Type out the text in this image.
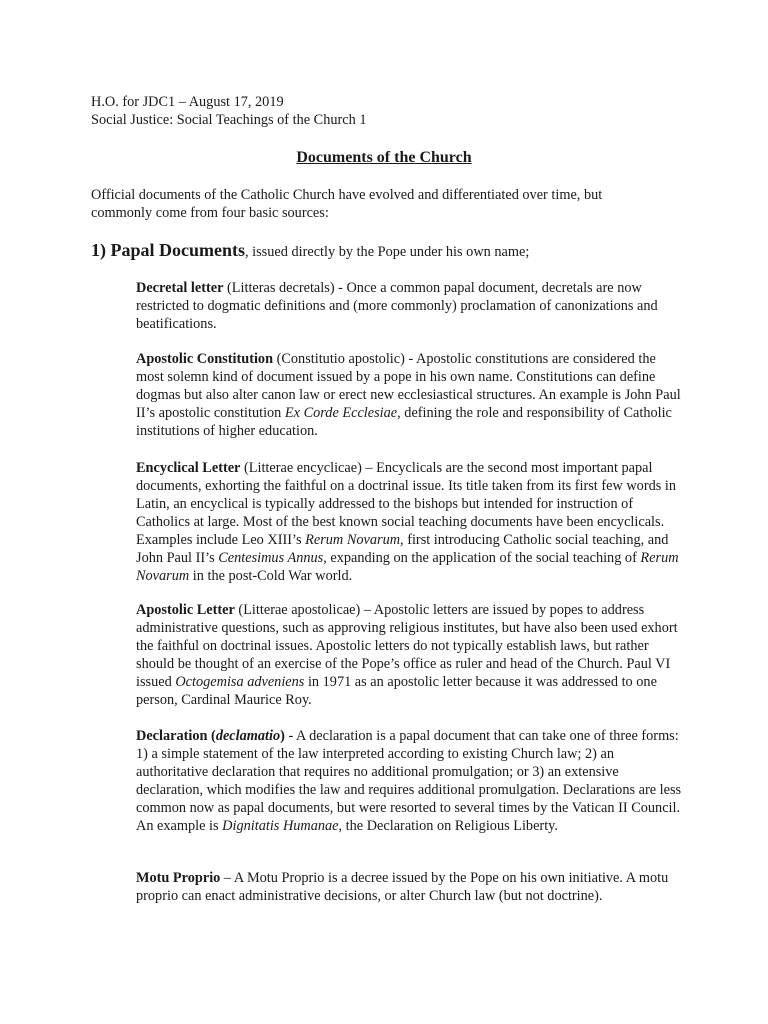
H.O. for JDC1 – August 17, 2019
Social Justice: Social Teachings of the Church 1
Documents of the Church
Official documents of the Catholic Church have evolved and differentiated over time, but commonly come from four basic sources:
1) Papal Documents, issued directly by the Pope under his own name;
Decretal letter (Litteras decretals) - Once a common papal document, decretals are now restricted to dogmatic definitions and (more commonly) proclamation of canonizations and beatifications.
Apostolic Constitution (Constitutio apostolic) - Apostolic constitutions are considered the most solemn kind of document issued by a pope in his own name. Constitutions can define dogmas but also alter canon law or erect new ecclesiastical structures. An example is John Paul II’s apostolic constitution Ex Corde Ecclesiae, defining the role and responsibility of Catholic institutions of higher education.
Encyclical Letter (Litterae encyclicae) – Encyclicals are the second most important papal documents, exhorting the faithful on a doctrinal issue. Its title taken from its first few words in Latin, an encyclical is typically addressed to the bishops but intended for instruction of Catholics at large. Most of the best known social teaching documents have been encyclicals. Examples include Leo XIII’s Rerum Novarum, first introducing Catholic social teaching, and John Paul II’s Centesimus Annus, expanding on the application of the social teaching of Rerum Novarum in the post-Cold War world.
Apostolic Letter (Litterae apostolicae) – Apostolic letters are issued by popes to address administrative questions, such as approving religious institutes, but have also been used exhort the faithful on doctrinal issues. Apostolic letters do not typically establish laws, but rather should be thought of an exercise of the Pope’s office as ruler and head of the Church. Paul VI issued Octogemisa adveniens in 1971 as an apostolic letter because it was addressed to one person, Cardinal Maurice Roy.
Declaration (declamatio) - A declaration is a papal document that can take one of three forms: 1) a simple statement of the law interpreted according to existing Church law; 2) an authoritative declaration that requires no additional promulgation; or 3) an extensive declaration, which modifies the law and requires additional promulgation. Declarations are less common now as papal documents, but were resorted to several times by the Vatican II Council. An example is Dignitatis Humanae, the Declaration on Religious Liberty.
Motu Proprio – A Motu Proprio is a decree issued by the Pope on his own initiative. A motu proprio can enact administrative decisions, or alter Church law (but not doctrine).
